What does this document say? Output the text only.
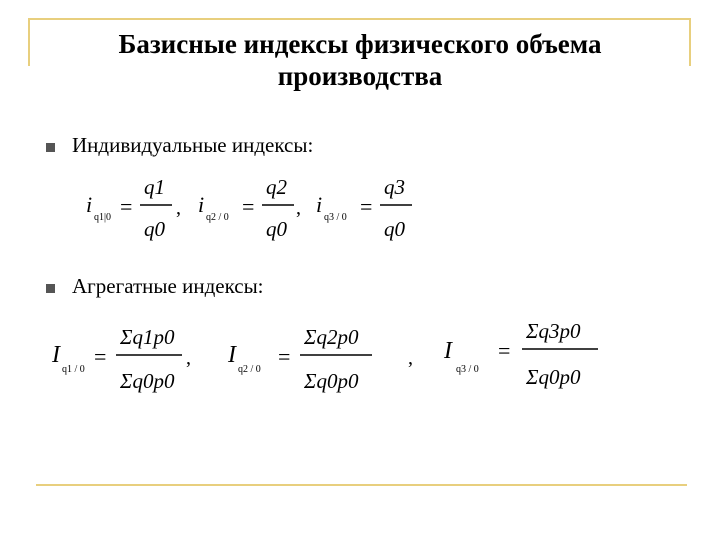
Базисные индексы физического объема
производства
Индивидуальные индексы:
i
q1|0 =
q1
q0
, i
q2 / 0 =
q2
q0
, i
q3 / 0 =
q3
q0
Агрегатные индексы:
I
q1 / 0
=
Σq1p0
Σq0p0
, I
q2 / 0
=
Σq2p0
Σq0p0
, I
q3 / 0
=
Σq3p0
Σq0p0
